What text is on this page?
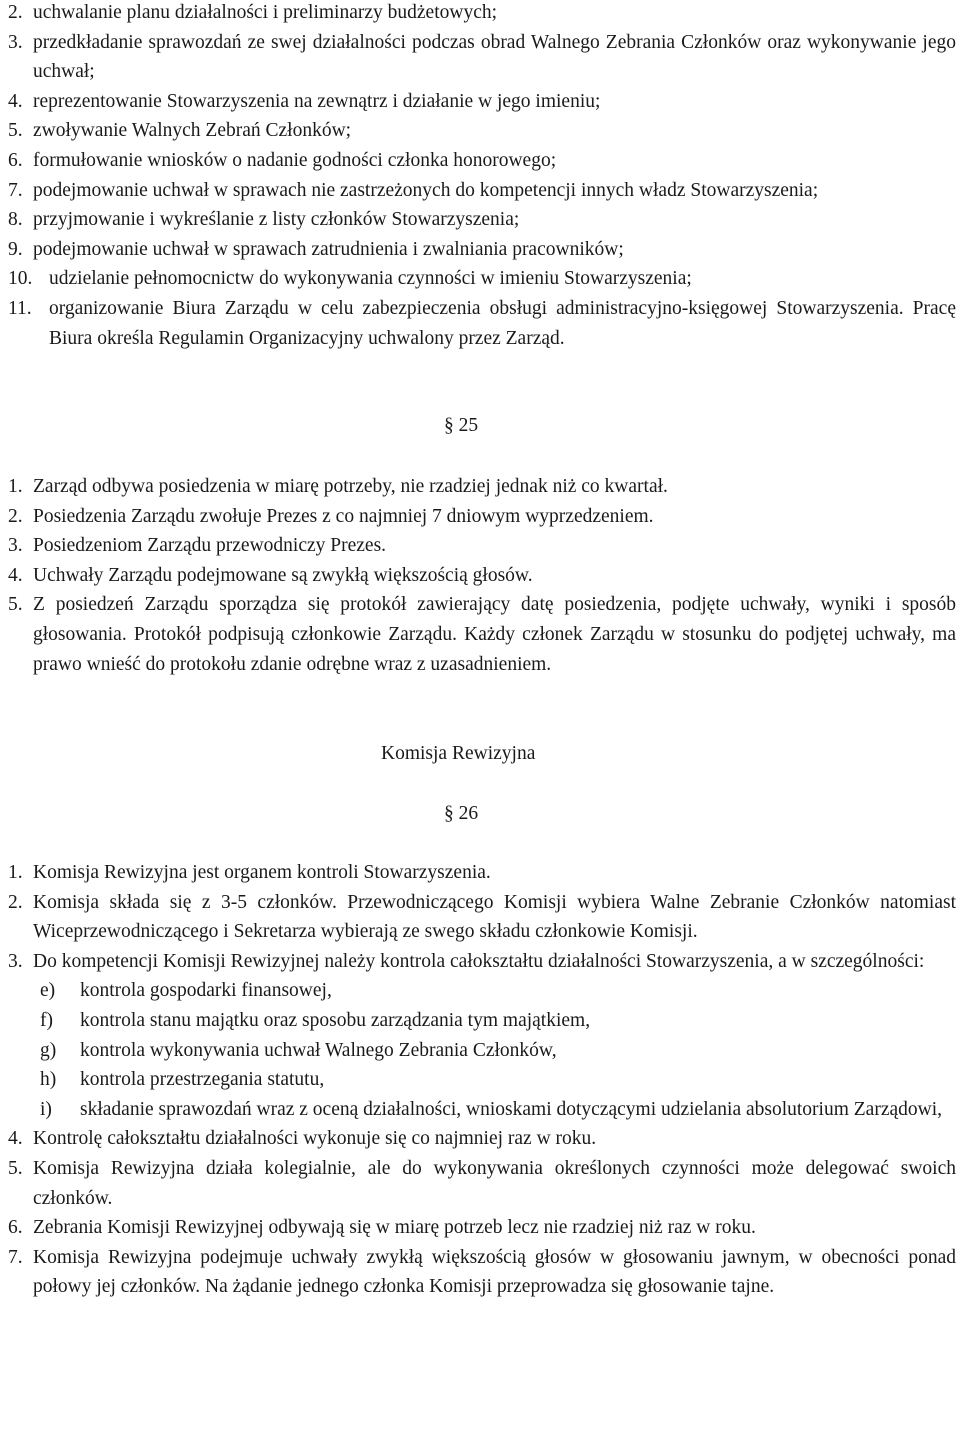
2. uchwalanie planu działalności i preliminarzy budżetowych;
3. przedkładanie sprawozdań ze swej działalności podczas obrad Walnego Zebrania Członków oraz wykonywanie jego uchwał;
4. reprezentowanie Stowarzyszenia na zewnątrz i działanie w jego imieniu;
5. zwoływanie Walnych Zebrań Członków;
6. formułowanie wniosków o nadanie godności członka honorowego;
7. podejmowanie uchwał w sprawach nie zastrzeżonych do kompetencji innych władz Stowarzyszenia;
8. przyjmowanie i wykreślanie z listy członków Stowarzyszenia;
9. podejmowanie uchwał w sprawach zatrudnienia i zwalniania pracowników;
10. udzielanie pełnomocnictw do wykonywania czynności w imieniu Stowarzyszenia;
11. organizowanie Biura Zarządu w celu zabezpieczenia obsługi administracyjno-księgowej Stowarzyszenia. Pracę Biura określa Regulamin Organizacyjny uchwalony przez Zarząd.
§ 25
1. Zarząd odbywa posiedzenia w miarę potrzeby, nie rzadziej jednak niż co kwartał.
2. Posiedzenia Zarządu zwołuje Prezes z co najmniej 7 dniowym wyprzedzeniem.
3. Posiedzeniom Zarządu przewodniczy Prezes.
4. Uchwały Zarządu podejmowane są zwykłą większością głosów.
5. Z posiedzeń Zarządu sporządza się protokół zawierający datę posiedzenia, podjęte uchwały, wyniki i sposób głosowania. Protokół podpisują członkowie Zarządu. Każdy członek Zarządu w stosunku do podjętej uchwały, ma prawo wnieść do protokołu zdanie odrębne wraz z uzasadnieniem.
Komisja Rewizyjna
§ 26
1. Komisja Rewizyjna jest organem kontroli Stowarzyszenia.
2. Komisja składa się z 3-5 członków. Przewodniczącego Komisji wybiera Walne Zebranie Członków natomiast Wiceprzewodniczącego i Sekretarza wybierają ze swego składu członkowie Komisji.
3. Do kompetencji Komisji Rewizyjnej należy kontrola całokształtu działalności Stowarzyszenia, a w szczególności:
e) kontrola gospodarki finansowej,
f) kontrola stanu majątku oraz sposobu zarządzania tym majątkiem,
g) kontrola wykonywania uchwał Walnego Zebrania Członków,
h) kontrola przestrzegania statutu,
i) składanie sprawozdań wraz z oceną działalności, wnioskami dotyczącymi udzielania absolutorium Zarządowi,
4. Kontrolę całokształtu działalności wykonuje się co najmniej raz w roku.
5. Komisja Rewizyjna działa kolegialnie, ale do wykonywania określonych czynności może delegować swoich członków.
6. Zebrania Komisji Rewizyjnej odbywają się w miarę potrzeb lecz nie rzadziej niż raz w roku.
7. Komisja Rewizyjna podejmuje uchwały zwykłą większością głosów w głosowaniu jawnym, w obecności ponad połowy jej członków. Na żądanie jednego członka Komisji przeprowadza się głosowanie tajne.
